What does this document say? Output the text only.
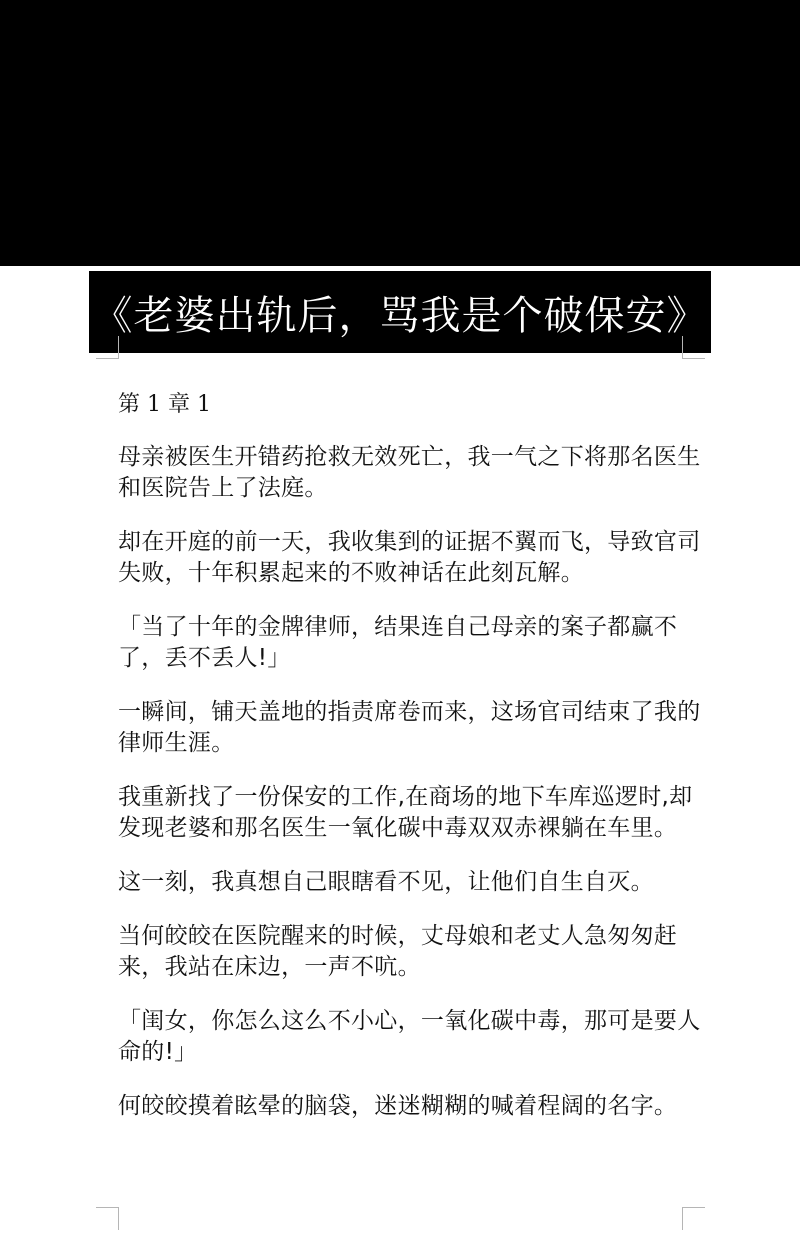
《老婆出轨后，骂我是个破保安》
第 1 章 1

母亲被医生开错药抢救无效死亡，我一气之下将那名医生和医院告上了法庭。

却在开庭的前一天，我收集到的证据不翼而飞，导致官司失败，十年积累起来的不败神话在此刻瓦解。

「当了十年的金牌律师，结果连自己母亲的案子都赢不了，丢不丢人!」

一瞬间，铺天盖地的指责席卷而来，这场官司结束了我的律师生涯。

我重新找了一份保安的工作,在商场的地下车库巡逻时,却发现老婆和那名医生一氧化碳中毒双双赤裸躺在车里。

这一刻，我真想自己眼瞎看不见，让他们自生自灭。

当何皎皎在医院醒来的时候，丈母娘和老丈人急匆匆赶来，我站在床边，一声不吭。

「闺女，你怎么这么不小心，一氧化碳中毒，那可是要人命的!」

何皎皎摸着眩晕的脑袋，迷迷糊糊的喊着程阔的名字。
